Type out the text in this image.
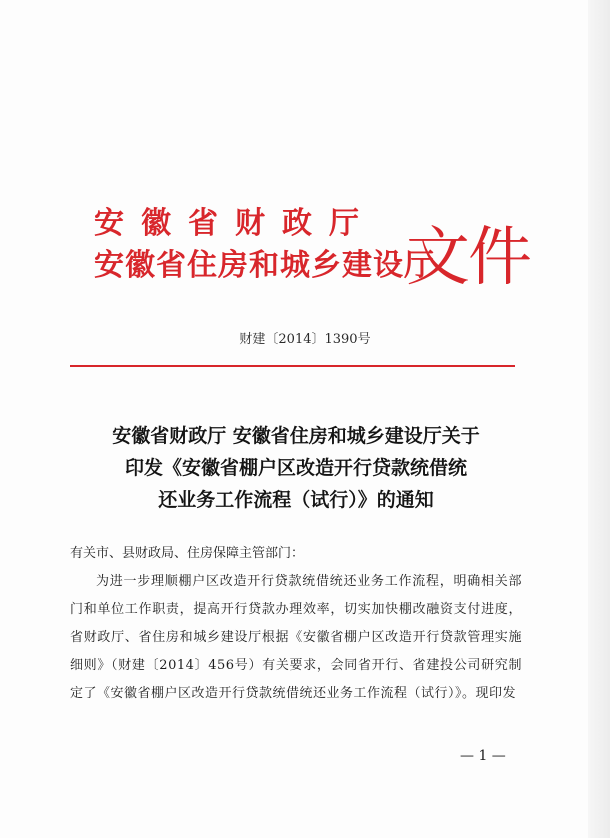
安徽省财政厅
安徽省住房和城乡建设厅
文件
财建〔2014〕1390号
安徽省财政厅 安徽省住房和城乡建设厅关于
印发《安徽省棚户区改造开行贷款统借统
还业务工作流程（试行）》的通知
有关市、县财政局、住房保障主管部门：
为进一步理顺棚户区改造开行贷款统借统还业务工作流程，明确相关部门和单位工作职责，提高开行贷款办理效率，切实加快棚改融资支付进度，省财政厅、省住房和城乡建设厅根据《安徽省棚户区改造开行贷款管理实施细则》（财建〔2014〕456号）有关要求，会同省开行、省建投公司研究制定了《安徽省棚户区改造开行贷款统借统还业务工作流程（试行）》。现印发
— 1 —
